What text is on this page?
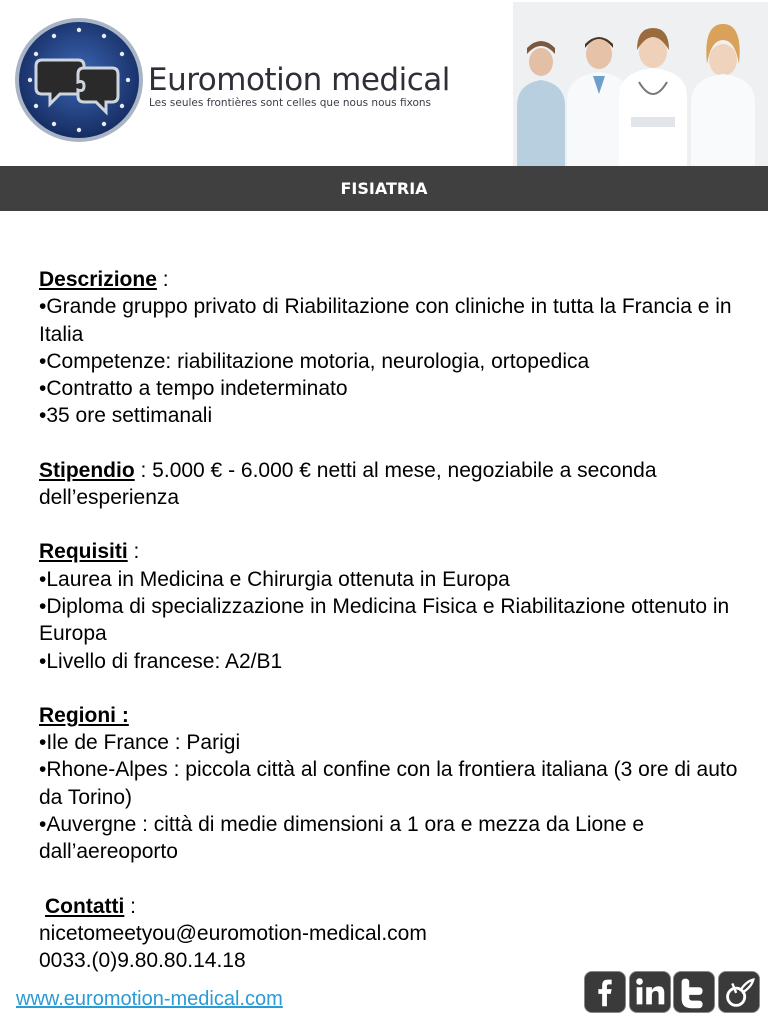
Euromotion medical
Les seules frontières sont celles que nous nous fixons
FISIATRIA
Descrizione :
•Grande gruppo privato di Riabilitazione con cliniche in tutta la Francia e in Italia
•Competenze: riabilitazione motoria, neurologia, ortopedica
•Contratto a tempo indeterminato
•35 ore settimanali
Stipendio : 5.000 € - 6.000 € netti al mese, negoziabile a seconda dell’esperienza
Requisiti :
•Laurea in Medicina e Chirurgia ottenuta in Europa
•Diploma di specializzazione in Medicina Fisica e Riabilitazione ottenuto in Europa
•Livello di francese: A2/B1
Regioni :
•Ile de France : Parigi
•Rhone-Alpes : piccola città al confine con la frontiera italiana (3 ore di auto da Torino)
•Auvergne : città di medie dimensioni a 1 ora e mezza da Lione e dall’aereoporto
Contatti :
nicetomeetyou@euromotion-medical.com
0033.(0)9.80.80.14.18
www.euromotion-medical.com
